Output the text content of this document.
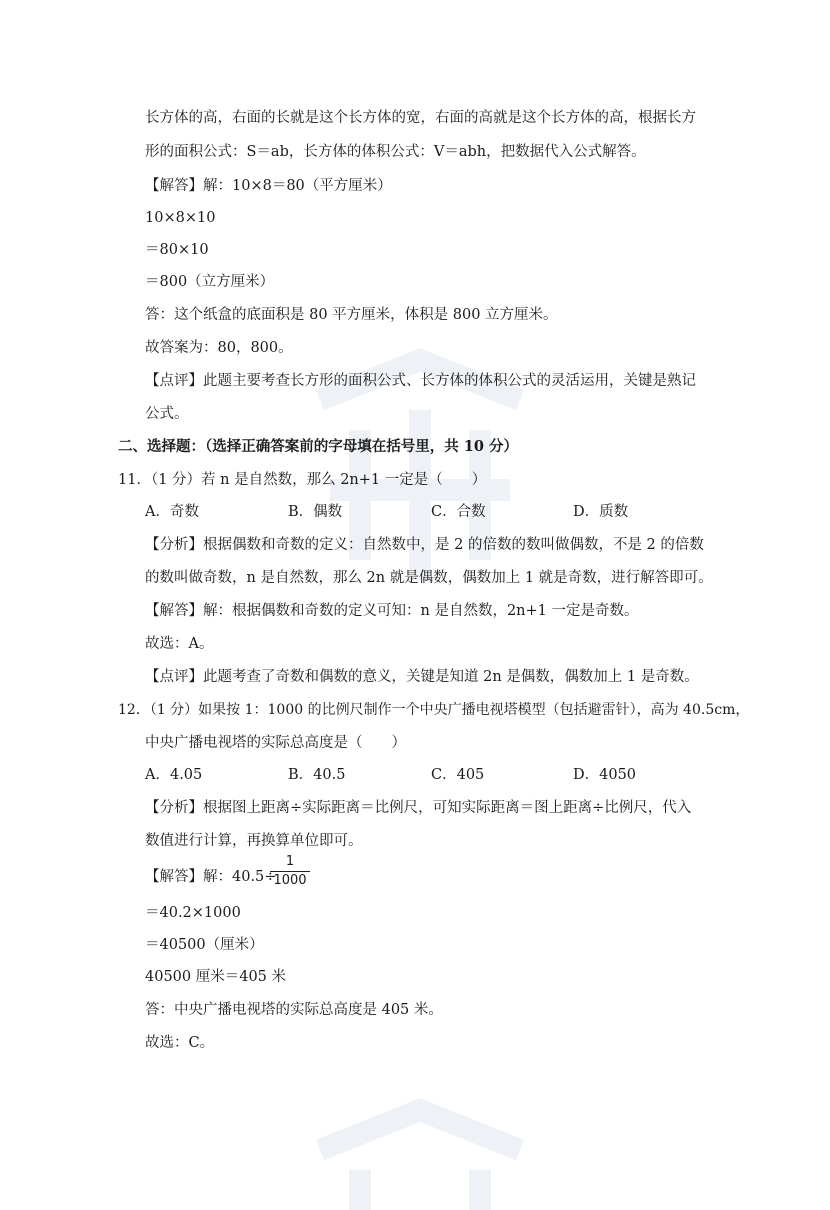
长方体的高，右面的长就是这个长方体的宽，右面的高就是这个长方体的高，根据长方
形的面积公式：S＝ab，长方体的体积公式：V＝abh，把数据代入公式解答。
【解答】解：10×8＝80（平方厘米）
10×8×10
＝80×10
＝800（立方厘米）
答：这个纸盒的底面积是 80 平方厘米，体积是 800 立方厘米。
故答案为：80，800。
【点评】此题主要考查长方形的面积公式、长方体的体积公式的灵活运用，关键是熟记
公式。
二、选择题：（选择正确答案前的字母填在括号里，共 10 分）
11．（1 分）若 n 是自然数，那么 2n+1 一定是（　　）
A．奇数	B．偶数	C．合数	D．质数
【分析】根据偶数和奇数的定义：自然数中，是 2 的倍数的数叫做偶数，不是 2 的倍数
的数叫做奇数，n 是自然数，那么 2n 就是偶数，偶数加上 1 就是奇数，进行解答即可。
【解答】解：根据偶数和奇数的定义可知：n 是自然数，2n+1 一定是奇数。
故选：A。
【点评】此题考查了奇数和偶数的意义，关键是知道 2n 是偶数，偶数加上 1 是奇数。
12．（1 分）如果按 1：1000 的比例尺制作一个中央广播电视塔模型（包括避雷针），高为 40.5cm，
中央广播电视塔的实际总高度是（　　）
A．4.05	B．40.5	C．405	D．4050
【分析】根据图上距离÷实际距离＝比例尺，可知实际距离＝图上距离÷比例尺，代入
数值进行计算，再换算单位即可。
【解答】解：40.5÷
1
1000
＝40.2×1000
＝40500（厘米）
40500 厘米＝405 米
答：中央广播电视塔的实际总高度是 405 米。
故选：C。
